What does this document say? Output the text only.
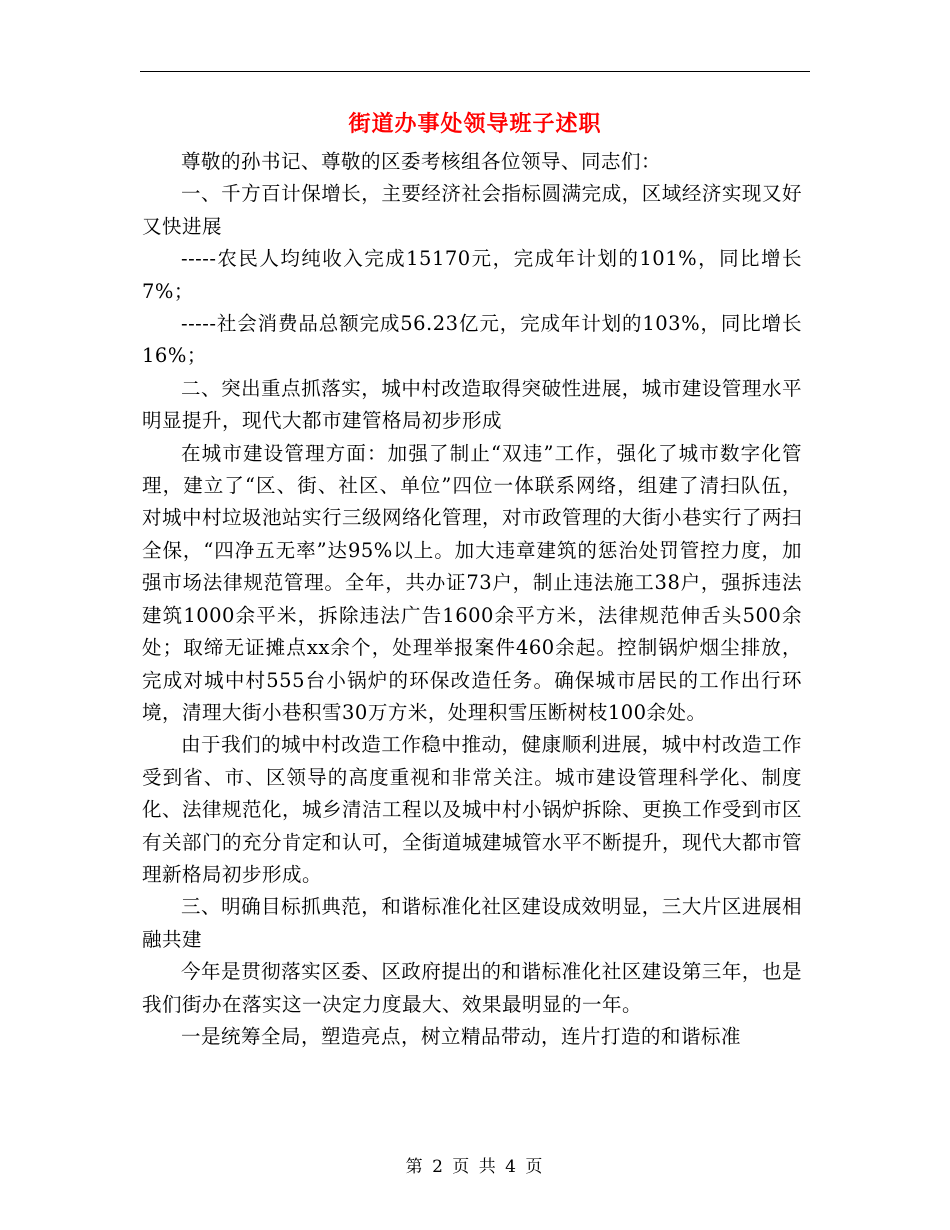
街道办事处领导班子述职

尊敬的孙书记、尊敬的区委考核组各位领导、同志们：

一、千方百计保增长，主要经济社会指标圆满完成，区域经济实现又好又快进展

-----农民人均纯收入完成15170元，完成年计划的101%，同比增长7%；

-----社会消费品总额完成56.23亿元，完成年计划的103%，同比增长16%；

二、突出重点抓落实，城中村改造取得突破性进展，城市建设管理水平明显提升，现代大都市建管格局初步形成

在城市建设管理方面：加强了制止“双违”工作，强化了城市数字化管理，建立了“区、街、社区、单位”四位一体联系网络，组建了清扫队伍，对城中村垃圾池站实行三级网络化管理，对市政管理的大街小巷实行了两扫全保，“四净五无率”达95%以上。加大违章建筑的惩治处罚管控力度，加强市场法律规范管理。全年，共办证73户，制止违法施工38户，强拆违法建筑1000余平米，拆除违法广告1600余平方米，法律规范伸舌头500余处；取缔无证摊点xx余个，处理举报案件460余起。控制锅炉烟尘排放，完成对城中村555台小锅炉的环保改造任务。确保城市居民的工作出行环境，清理大街小巷积雪30万方米，处理积雪压断树枝100余处。

由于我们的城中村改造工作稳中推动，健康顺利进展，城中村改造工作受到省、市、区领导的高度重视和非常关注。城市建设管理科学化、制度化、法律规范化，城乡清洁工程以及城中村小锅炉拆除、更换工作受到市区有关部门的充分肯定和认可，全街道城建城管水平不断提升，现代大都市管理新格局初步形成。

三、明确目标抓典范，和谐标准化社区建设成效明显，三大片区进展相融共建

今年是贯彻落实区委、区政府提出的和谐标准化社区建设第三年，也是我们街办在落实这一决定力度最大、效果最明显的一年。

一是统筹全局，塑造亮点，树立精品带动，连片打造的和谐标准

第 2 页 共 4 页
